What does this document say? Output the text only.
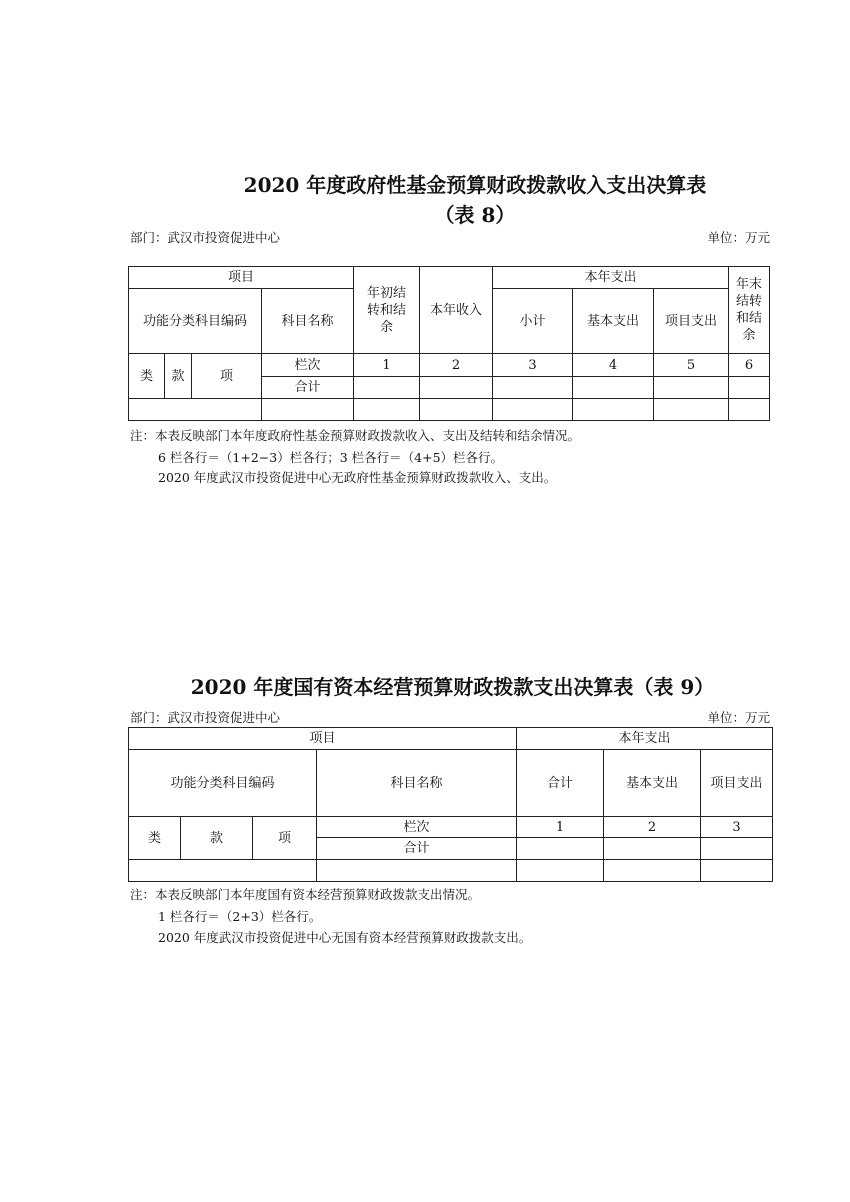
2020 年度政府性基金预算财政拨款收入支出决算表
（表 8）
部门：武汉市投资促进中心	单位：万元
项目				年初结转和结余	本年收入	本年支出			年末结转和结余
功能分类科目编码			科目名称			小计	基本支出	项目支出	
类	款	项	栏次	1	2	3	4	5	6
			合计						

注：本表反映部门本年度政府性基金预算财政拨款收入、支出及结转和结余情况。
6 栏各行＝（1+2−3）栏各行；3 栏各行＝（4+5）栏各行。
2020 年度武汉市投资促进中心无政府性基金预算财政拨款收入、支出。
2020 年度国有资本经营预算财政拨款支出决算表（表 9）
部门：武汉市投资促进中心	单位：万元
项目				本年支出		
功能分类科目编码			科目名称	合计	基本支出	项目支出
类	款	项	栏次	1	2	3
			合计			

注：本表反映部门本年度国有资本经营预算财政拨款支出情况。
1 栏各行＝（2+3）栏各行。
2020 年度武汉市投资促进中心无国有资本经营预算财政拨款支出。
